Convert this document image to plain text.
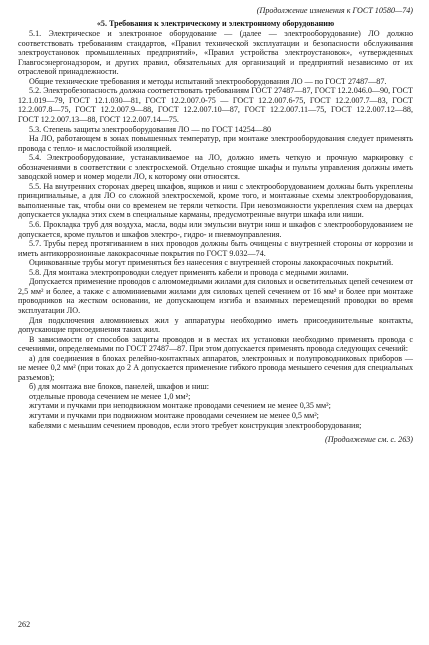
(Продолжение изменения к ГОСТ 10580—74)
«5. Требования к электрическому и электронному оборудованию

5.1. Электрическое и электронное оборудование — (далее — электрооборудование) ЛО должно соответствовать требованиям стандартов, «Правил технической эксплуатации и безопасности обслуживания электроустановок промышленных предприятий», «Правил устройства электроустановок», «утвержденных Главгосэнергонадзором, и других правил, обязательных для организаций и предприятий независимо от их отраслевой принадлежности.

Общие технические требования и методы испытаний электрооборудования ЛО — по ГОСТ 27487—87.

5.2. Электробезопасность должна соответствовать требованиям ГОСТ 27487—87, ГОСТ 12.2.046.0—90, ГОСТ 12.1.019—79, ГОСТ 12.1.030—81, ГОСТ 12.2.007.0-75 — ГОСТ 12.2.007.6-75, ГОСТ 12.2.007.7—83, ГОСТ 12.2.007.8—75, ГОСТ 12.2.007.9—88, ГОСТ 12.2.007.10—87, ГОСТ 12.2.007.11—75, ГОСТ 12.2.007.12—88, ГОСТ 12.2.007.13—88, ГОСТ 12.2.007.14—75.

5.3. Степень защиты электрооборудования ЛО — по ГОСТ 14254—80

На ЛО, работающем в зонах повышенных температур, при монтаже электрооборудования следует применять провода с тепло- и маслостойкой изоляцией.

5.4. Электрооборудование, устанавливаемое на ЛО, должно иметь четкую и прочную маркировку с обозначениями в соответствии с электросхемой. Отдельно стоящие шкафы и пульты управления должны иметь заводской номер и номер модели ЛО, к которому они относятся.

5.5. На внутренних сторонах дверец шкафов, ящиков и ниш с электрооборудованием должны быть укреплены принципиальные, а для ЛО со сложной электросхемой, кроме того, и монтажные схемы электрооборудования, выполненные так, чтобы они со временем не теряли четкости. При невозможности укрепления схем на дверцах допускается укладка этих схем в специальные карманы, предусмотренные внутри шкафа или ниши.

5.6. Прокладка труб для воздуха, масла, воды или эмульсии внутри ниш и шкафов с электрооборудованием не допускается, кроме пультов и шкафов электро-, гидро- и пневмоуправления.

5.7. Трубы перед протягиванием в них проводов должны быть очищены с внутренней стороны от коррозии и иметь антикоррозионные лакокрасочные покрытия по ГОСТ 9.032—74.

Оцинкованные трубы могут применяться без нанесения с внутренней стороны лакокрасочных покрытий.

5.8. Для монтажа электропроводки следует применять кабели и провода с медными жилами.

Допускается применение проводов с алюмомедными жилами для силовых и осветительных цепей сечением от 2,5 мм² и более, а также с алюминиевыми жилами для силовых цепей сечением от 16 мм² и более при монтаже проводников на жестком основании, не допускающем изгиба и взаимных перемещений проводки во время эксплуатации ЛО.

Для подключения алюминиевых жил у аппаратуры необходимо иметь присоединительные контакты, допускающие присоединения таких жил.

В зависимости от способов защиты проводов и в местах их установки необходимо применять провода с сечениями, определяемыми по ГОСТ 27487—87. При этом допускается применять провода следующих сечений:

а) для соединения в блоках релейно-контактных аппаратов, электронных и полупроводниковых приборов — не менее 0,2 мм² (при токах до 2 А допускается применение гибкого провода меньшего сечения для специальных разъемов);

б) для монтажа вне блоков, панелей, шкафов и ниш:

отдельные провода сечением не менее 1,0 мм²;

жгутами и пучками при неподвижном монтаже проводами сечением не менее 0,35 мм²;

жгутами и пучками при подвижном монтаже проводами сечением не менее 0,5 мм²;

кабелями с меньшим сечением проводов, если этого требует конструкция электрооборудования;

(Продолжение см. с. 263)
262
